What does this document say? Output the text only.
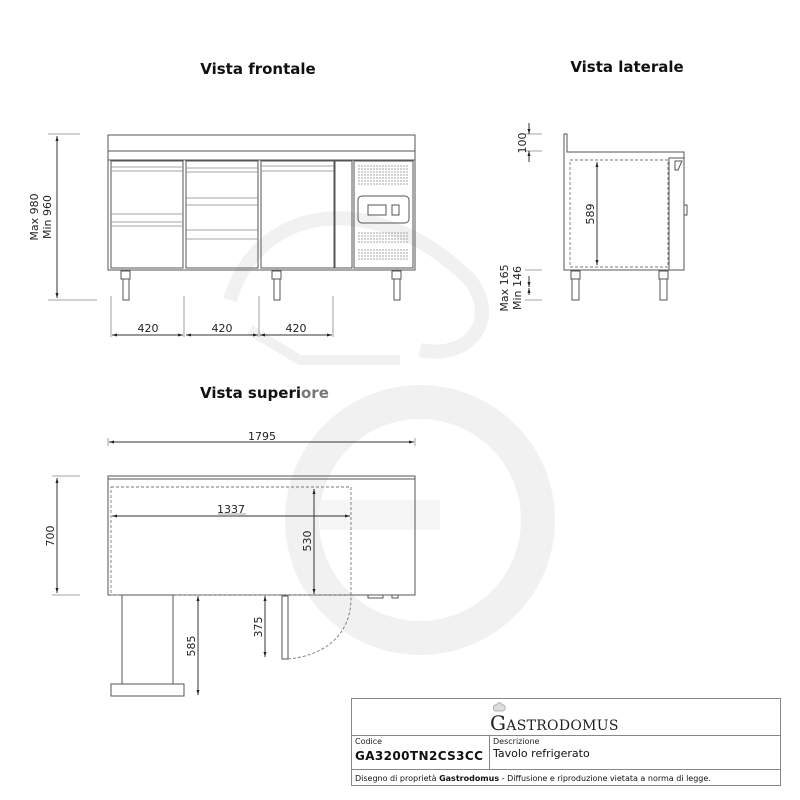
Vista frontale
Max 980 Min 960
420	420	420
Vista laterale
100
589
Max 165 Min 146
Vista superiore
1795
700
1337
530
585
375
GASTRODOMUS
Codice
GA3200TN2CS3CC
Descrizione
Tavolo refrigerato
Disegno di proprietà Gastrodomus - Diffusione e riproduzione vietata a norma di legge.
